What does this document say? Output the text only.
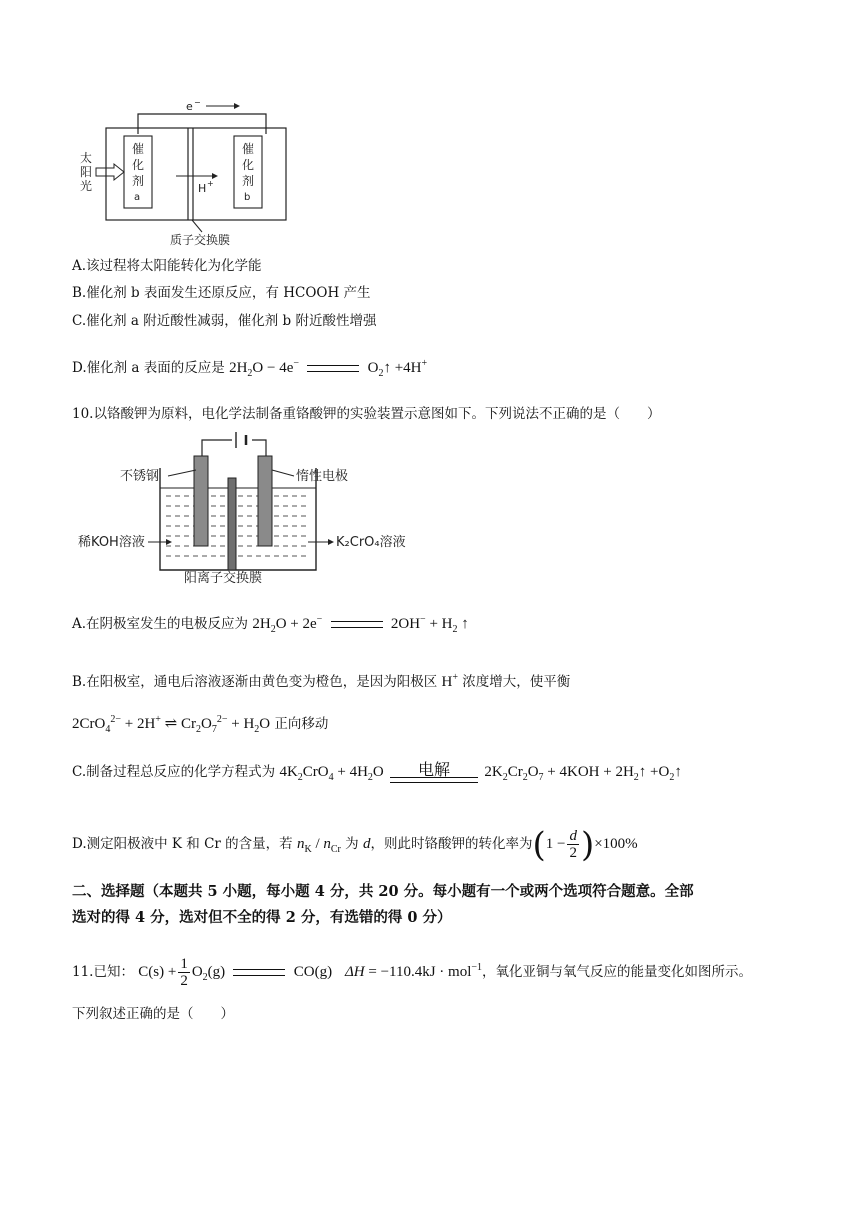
e −
催化剂 a
催化剂 b
太阳光	H +
质子交换膜
A.该过程将太阳能转化为化学能
B.催化剂 b 表面发生还原反应，有 HCOOH 产生
C.催化剂 a 附近酸性减弱，催化剂 b 附近酸性增强
D.催化剂 a 表面的反应是 $2H_2O - 4e^-$	$O_2↑ +4H^+$
10.以铬酸钾为原料，电化学法制备重铬酸钾的实验装置示意图如下。下列说法不正确的是（　　）
不锈钢	惰性电极
稀KOH溶液	K₂CrO₄溶液
阳离子交换膜
A.在阴极室发生的电极反应为 $2H_2O + 2e^-$	$2OH^- + H_2$ ↑
B.在阳极室，通电后溶液逐渐由黄色变为橙色，是因为阳极区 H+ 浓度增大，使平衡
2CrO$_4^{2-}$ + 2H+ ⇌ $Cr_2O_7^{2-} + H_2O$ 正向移动
C.制备过程总反应的化学方程式为 $4K_2CrO_4 + 4H_2O$	电解	$2K_2Cr_2O_7 + 4KOH$ + $2H_2↑$ $+O_2↑$
D.测定阳极液中 K 和 Cr 的含量，若 $n_K / n_{Cr}$ 为 d，则此时铬酸钾的转化率为$(1 - \frac{d}{2} )\times 100\%$
二、选择题（本题共 5 小题，每小题 4 分，共 20 分。每小题有一个或两个选项符合题意。全部
选对的得 4 分，选对但不全的得 2 分，有选错的得 0 分）
11.已知： $C(s) + \frac{1}{2} O_2(g)$	CO(g) ΔH = −110.4kJ · mol$^{-1}$，氧化亚铜与氧气反应的能量变化如图所示。
下列叙述正确的是（　　）
